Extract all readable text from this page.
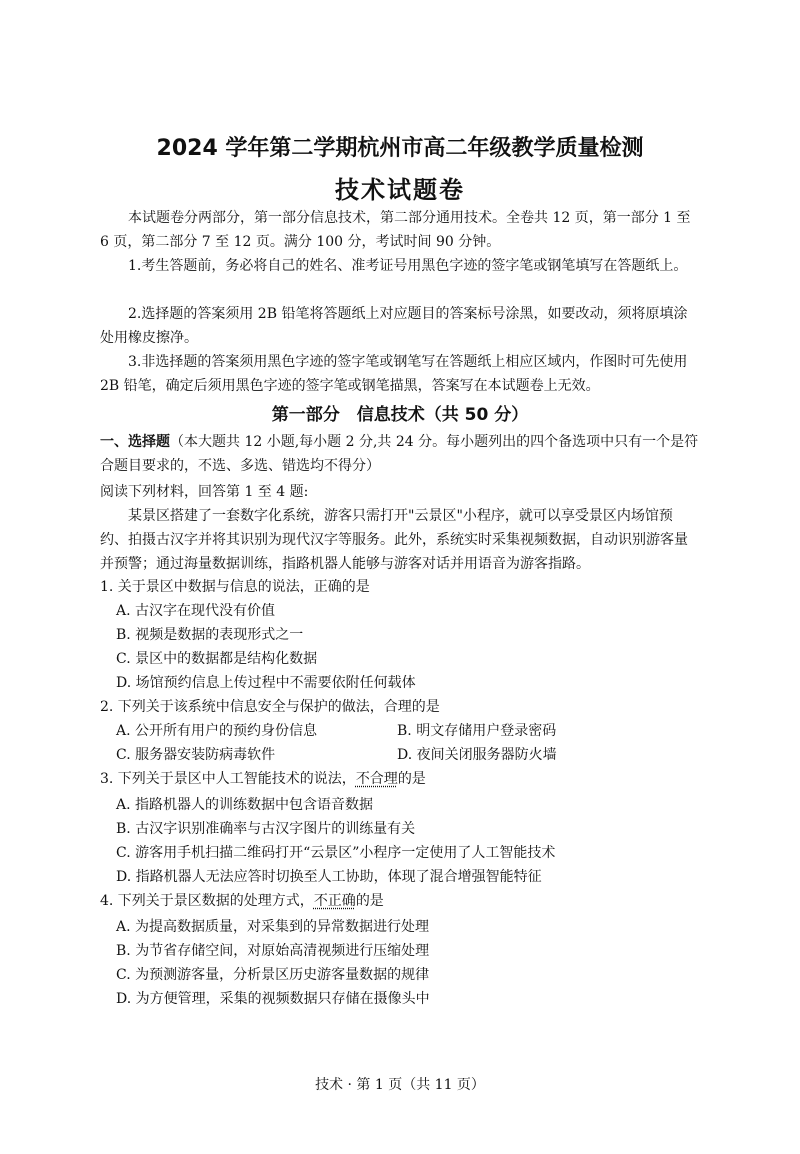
2024 学年第二学期杭州市高二年级教学质量检测
技术试题卷
本试题卷分两部分，第一部分信息技术，第二部分通用技术。全卷共 12 页，第一部分 1 至 6 页，第二部分 7 至 12 页。满分 100 分，考试时间 90 分钟。
1.考生答题前，务必将自己的姓名、准考证号用黑色字迹的签字笔或钢笔填写在答题纸上。
2.选择题的答案须用 2B 铅笔将答题纸上对应题目的答案标号涂黑，如要改动，须将原填涂处用橡皮擦净。
3.非选择题的答案须用黑色字迹的签字笔或钢笔写在答题纸上相应区域内，作图时可先使用 2B 铅笔，确定后须用黑色字迹的签字笔或钢笔描黑，答案写在本试题卷上无效。
第一部分　信息技术（共 50 分）
一、选择题（本大题共 12 小题,每小题 2 分,共 24 分。每小题列出的四个备选项中只有一个是符合题目要求的，不选、多选、错选均不得分）
阅读下列材料，回答第 1 至 4 题:
某景区搭建了一套数字化系统，游客只需打开"云景区"小程序，就可以享受景区内场馆预约、拍摄古汉字并将其识别为现代汉字等服务。此外，系统实时采集视频数据，自动识别游客量并预警；通过海量数据训练，指路机器人能够与游客对话并用语音为游客指路。
1. 关于景区中数据与信息的说法，正确的是
A. 古汉字在现代没有价值
B. 视频是数据的表现形式之一
C. 景区中的数据都是结构化数据
D. 场馆预约信息上传过程中不需要依附任何载体
2. 下列关于该系统中信息安全与保护的做法，合理的是
A. 公开所有用户的预约身份信息	B. 明文存储用户登录密码
C. 服务器安装防病毒软件	D. 夜间关闭服务器防火墙
3. 下列关于景区中人工智能技术的说法，不合理的是
A. 指路机器人的训练数据中包含语音数据
B. 古汉字识别准确率与古汉字图片的训练量有关
C. 游客用手机扫描二维码打开“云景区”小程序一定使用了人工智能技术
D. 指路机器人无法应答时切换至人工协助，体现了混合增强智能特征
4. 下列关于景区数据的处理方式，不正确的是
A. 为提高数据质量，对采集到的异常数据进行处理
B. 为节省存储空间，对原始高清视频进行压缩处理
C. 为预测游客量，分析景区历史游客量数据的规律
D. 为方便管理，采集的视频数据只存储在摄像头中
技术 · 第 1 页（共 11 页）
